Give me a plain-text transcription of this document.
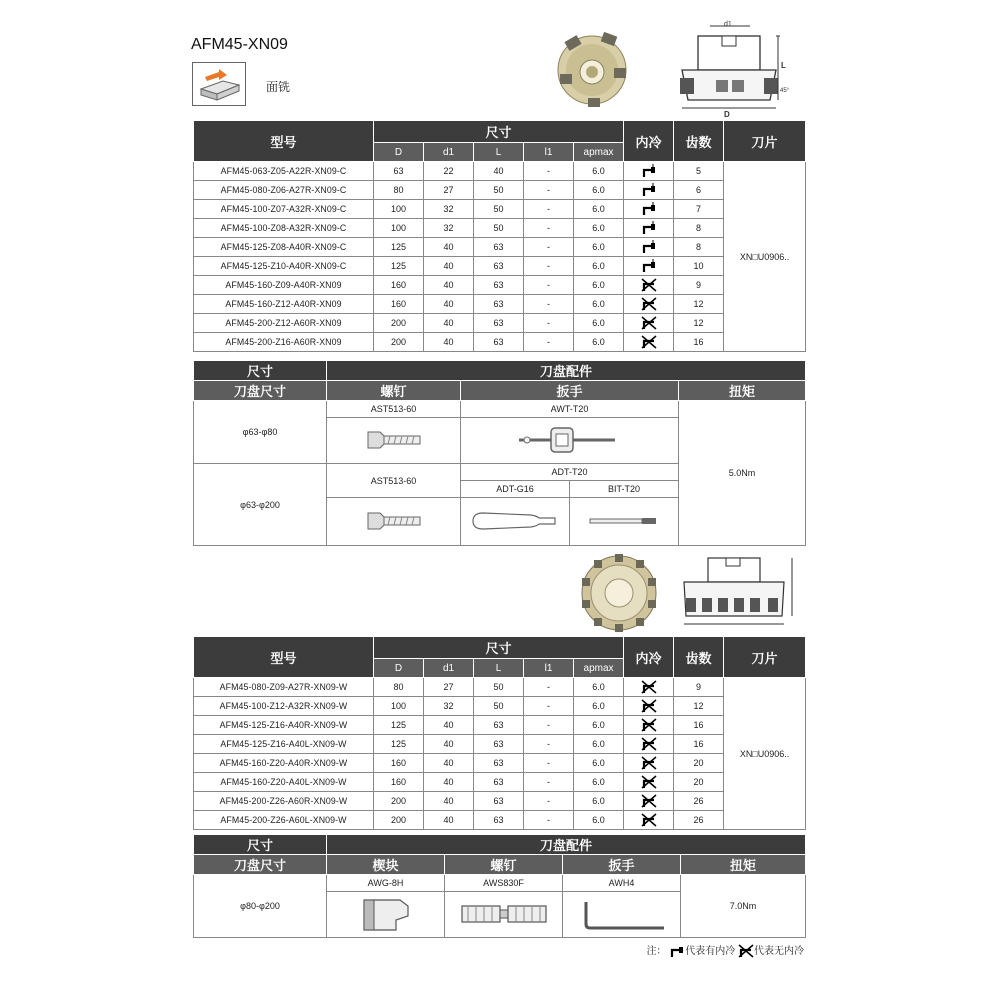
AFM45-XN09
面铣
d1
L
D
45°
型号	尺寸					内冷	齿数	刀片
	D	d1	L	l1	apmax			
AFM45-063-Z05-A22R-XN09-C	63	22	40	-	6.0		5	XN□U0906..
AFM45-080-Z06-A27R-XN09-C	80	27	50	-	6.0		6	
AFM45-100-Z07-A32R-XN09-C	100	32	50	-	6.0		7	
AFM45-100-Z08-A32R-XN09-C	100	32	50	-	6.0		8	
AFM45-125-Z08-A40R-XN09-C	125	40	63	-	6.0		8	
AFM45-125-Z10-A40R-XN09-C	125	40	63	-	6.0		10	
AFM45-160-Z09-A40R-XN09	160	40	63	-	6.0		9	
AFM45-160-Z12-A40R-XN09	160	40	63	-	6.0		12	
AFM45-200-Z12-A60R-XN09	200	40	63	-	6.0		12	
AFM45-200-Z16-A60R-XN09	200	40	63	-	6.0		16	
尺寸	刀盘配件			
刀盘尺寸	螺钉	扳手		扭矩
φ63-φ80	AST513-60	AWT-T20		5.0Nm

φ63-φ200	AST513-60	ADT-T20		
		ADT-G16	BIT-T20	

型号	尺寸					内冷	齿数	刀片
	D	d1	L	l1	apmax			
AFM45-080-Z09-A27R-XN09-W	80	27	50	-	6.0		9	XN□U0906..
AFM45-100-Z12-A32R-XN09-W	100	32	50	-	6.0		12	
AFM45-125-Z16-A40R-XN09-W	125	40	63	-	6.0		16	
AFM45-125-Z16-A40L-XN09-W	125	40	63	-	6.0		16	
AFM45-160-Z20-A40R-XN09-W	160	40	63	-	6.0		20	
AFM45-160-Z20-A40L-XN09-W	160	40	63	-	6.0		20	
AFM45-200-Z26-A60R-XN09-W	200	40	63	-	6.0		26	
AFM45-200-Z26-A60L-XN09-W	200	40	63	-	6.0		26	
尺寸	刀盘配件			
刀盘尺寸	楔块	螺钉	扳手	扭矩
φ80-φ200	AWG-8H	AWS830F	AWH4	7.0Nm

注： 代表有内冷 代表无内冷
